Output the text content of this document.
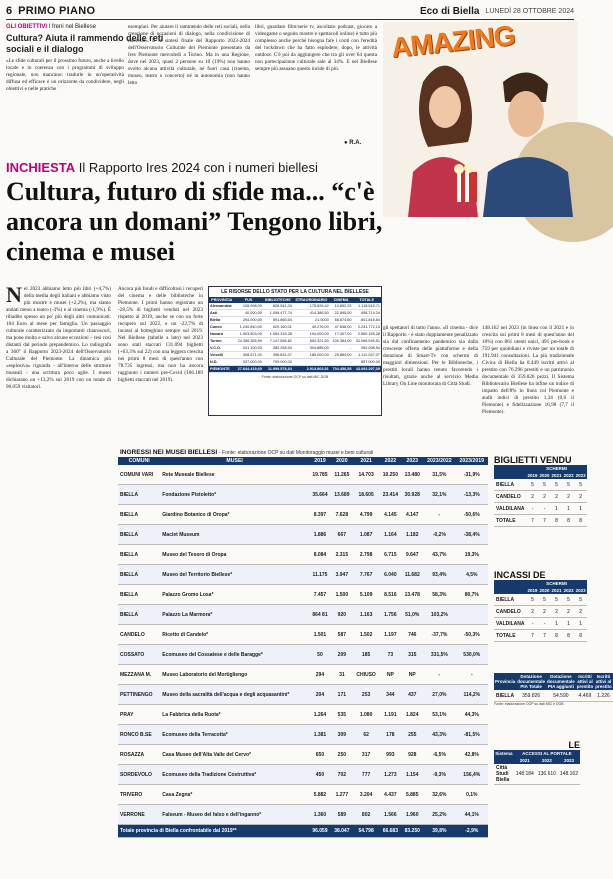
6 PRIMO PIANO	Eco di Biella LUNEDÌ 28 OTTOBRE 2024
GLI OBIETTIVI I freni nel Biellese
Cultura? Aiuta il rammendo delle reti sociali e il dialogo
«Le sfide culturali per il prossimo futuro, anche a livello locale e in coerenza con i programmi di sviluppo regionale, non mancano: tradurle in un'operatività diffusa ed efficace è un orizzonte da condividere, negli obiettivi e nelle pratiche
esemplari. Per aiutare il rammendo delle reti sociali, nella creazione di occasioni di dialogo, nella condivisione di interessi». È la sintesi finale del Rapporto 2023-2024 dell'Osservatorio Culturale del Piemonte presentato da Ires Piemonte mercoledì a Torino. Ma in una Regione, dove nel 2023, quasi 2 persone su 10 (19%) non hanno svolto alcuna attività culturale, né fuori casa (cinema, museo, teatro o concerto) né in autonomia (non hanno letto
libri, guardato film/serie tv, ascoltato podcast, giocato a videogame o seguito mostre e spettacoli online) è tutto più complesso anche perché bisogna fare i conti con l'eredità del lockdown che ha fatto esplodere, dopo, le attività outdoor. C'è poi da aggiungere che tra gli over 64 questa non partecipazione culturale sale al 34%. E nel Biellese sempre più assuano questo incide di più.
● R.A.
AMAZING
INCHIESTA Il Rapporto Ires 2024 con i numeri biellesi
Cultura, futuro di sfide ma... “c'è ancora un domani” Tengono libri, cinema e musei
Nel 2023 abbiamo letto più libri (+4,7%) della media degli italiani e abbiamo visto più mostre e musei (+2,2%), ma siamo andati meno a teatro (-3%) e al cinema (-1,9%). È ribadito spesso un po' più degli altri comunicati: 104 Euro al mese per famiglia. Un passaggio culturale caratterizzato da importanti chiaroscuri, ma pone molto e salvo alcune eccezioni – resi così distanti dal periodo prepandemico. Lo radiografa a 360° il Rapporto 2023-2024 dell'Osservatorio Culturale del Piemonte. La dinamica più «esplosiva» riguarda - all'interno delle strutture museali - una scrittura poco agile. I musei dichiarano un +13,2% sul 2019 con un totale di 96.059 visitatori.
Ancora più fondi e difficoltosi i recuperi del cinema e delle biblioteche in Piemonte. I primi hanno registrato un -28,5% di biglietti venduti nel 2023 rispetto al 2019, anche se con un forte recupero sul 2022, e un -22,7% di incassi al botteghino sempre sul 2019. Nel Biellese (tabelle a lato) nel 2023 sono stati staccati 131.094 biglietti (+63,3% sul 22) con una leggera crescita nei primi 8 mesi di quest'anno con 78.735 ingressi, ma non ha ancora raggiunto i numeri pre-Covid (166.189 biglietti staccati nel 2019).
gli spettatori di tutto l'anno. «Il cinema - dice il Rapporto - è stato doppiamente penalizzato sia dal confinamento pandemico sia dalla crescente offerta delle piattaforme e della dotazione di Smart-Tv con schermi di maggiori dimensioni. Per le Biblioteche, i prestiti locali hanno tenuto favorendo i risultati, grazie anche al servizio Media Library On Line monitorata di Città Studi.
148.162 nel 2023 (in linea con il 2021 e in crescita sui primi 8 mesi di quest'anno del 10%) con 861 utenti unici, 491 pre-book e 759 per quotidiani e riviste per un totale di 191.941 consultazioni. La più tradizionale Civica di Biella ha 8.449 iscritti attivi al prestito con 76.296 prestiti e un patrimonio documentale di 359.826 pezzi. Il Sistema Bibliotecario Biellese ha infine un indice di impatto dell'8% in linea col Piemonte e audit indici di prestito 1,34 (0,6 il Piemonte) e fidelizzazione 16,98 (7,7 il Piemonte).
LE RISORSE DELLO STATO PER LA CULTURA NEL BIELLESE
PROVINCIA	FUS	BIBLIOTECHE	STRAORDINARIO	CINEMA	TOTALE
Alessandria	108.998,00	828.541,04	175.826,42	10.852,25	1.118.518,71
Asti	40.000,00	1.059.477,74	414.386,50	22.895,00	958.714,24
Biella	294.000,00	591.865,54	21.5000	66.874,60	601.816,84
Cuneo	1.240.840,00	620.160,01	40.276,00	47.838,00	2.231.772,10
Novara	1.903.503,00	1.094.316,28	194.000,00	17.307,00	2.580.155,28
Torino	24.356.355,59	7.147.558,82	654.321,50	100.384,00	32.068.545,51
V.C.O.	341.100,00	382.258,54	304.885,00	-	952.098,54
Vercelli	308.571,00	396.831,07	185.000,00	25.884,00	1.112.047,07
N.D.	337.000,00	709.000,00	-	-	857.000,00
PIEMONTE	27.644.419,69	11.999.578,64	2.914.803,51	704.456,55	43.092.297,39
Fonte: elaborazione OCP su dati MiC-DGB
INGRESSI NEI MUSEI BIELLESI - Fonte: elaborazione OCP su dati Monitoraggio musei e beni culturali
COMUNI	MUSEI	2019	2020	2021	2022	2023	2023/2022	2023/2019
COMUNI VARI	Rete Museale Biellese	19.785	11.265	14.703	10.250	13.480	31,5%	-31,9%
BIELLA	Fondazione Pistoletto*	35.664	13.689	18.605	23.414	30.928	32,1%	-13,3%
BIELLA	Giardino Botanico di Oropa*	8.397	7.628	4.799	4.145	4.147	-	-50,6%
BIELLA	Maciet Museum	1.886	667	1.087	1.164	1.182	-0,2%	-38,4%
BIELLA	Museo del Tesoro di Oropa	8.084	2.315	2.798	6.715	9.647	43,7%	19,3%
BIELLA	Museo del Territorio Biellese*	11.175	3.947	7.767	6.040	11.682	93,4%	4,5%
BIELLA	Palazzo Gromo Losa*	7.457	1.500	5.109	8.516	13.478	58,3%	80,7%
BIELLA	Palazzo La Marmora*	864 81	920	1.163	1.756	51,0%	103,2%	
CANDELO	Ricetto di Candelo*	1.501	587	1.502	1.197	746	-37,7%	-50,3%
COSSATO	Ecomuseo del Cossatese e delle Baragge*	50	209	185	73	315	331,5%	530,0%
MEZZANA M.	Museo Laboratorio del Mortigliengo	294	31	CHIUSO	NP	NP	-	-
PETTINENGO	Museo della sacralità dell'acqua e degli acquasantini*	204	171	253	344	437	27,0%	114,2%
PRAY	La Fabbrica della Ruota*	1.264	535	1.080	1.191	1.824	53,1%	44,3%
RONCO B.SE	Ecomuseo della Terracotta*	1.381	309	62	178	255	43,3%	-81,5%
ROSAZZA	Casa Museo dell'Alta Valle del Cervo*	650	250	317	993	928	-6,5%	42,8%
SORDEVOLO	Ecomuseo della Tradizione Costruttiva*	450	702	777	1.273	1.154	-9,3%	156,4%
TRIVERO	Casa Zegna*	5.882	1.277	3.204	4.437	5.885	32,6%	0,1%
VERRONE	Falseum - Museo del falso e dell'inganno*	1.360	589	802	1.566	1.960	25,2%	44,1%
Totale provincia di Biella confrontabile dal 2019**		96.059	38.047	54.798	66.683	83.250	39,8%	-2,9%
BIGLIETTI VENDU
	SCHERMI				
	2019	2020	2021	2022	2023
BIELLA	5	5	5	5	5
CANDELO	2	2	2	2	2
VALDILANA	-	-	1	1	1
TOTALE	7	7	8	8	8
INCASSI DE
	SCHERMI				
	2019	2020	2021	2022	2023
BIELLA	5	5	5	5	5
CANDELO	2	2	2	2	2
VALDILANA	-	-	1	1	1
TOTALE	7	7	8	8	8
Provincia	Dotazione documentale PIA Totale	Dotazione documentale PIA aggiunti	Iscritti attivi al prestito	Iscritti attivi al prestito
BIELLA	359.826	54.590	4.469	1.226
Fonte: elaborazione OCP su dati MIC e DGB
LE
Sistema	ACCESSI AL PORTALE		
	2021	2022	2023
Città Studi Biella	148.184	136.610	148.162
